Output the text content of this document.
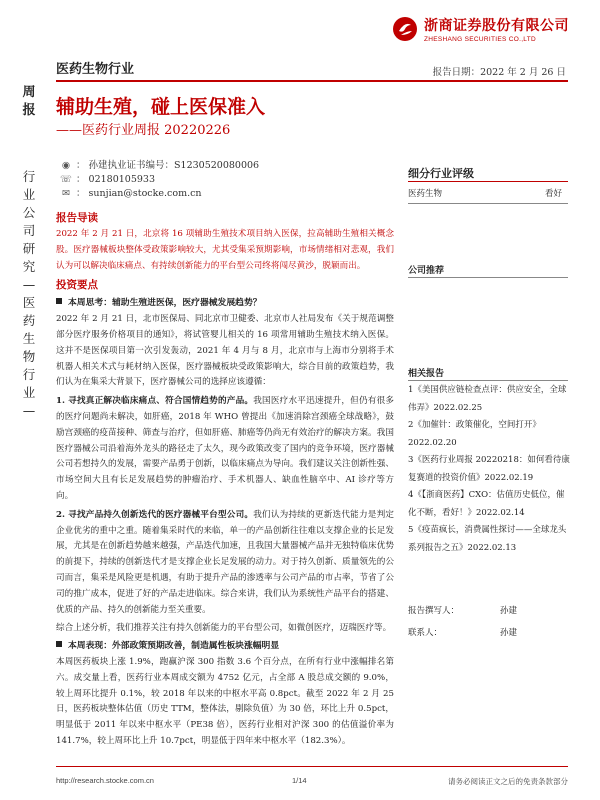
浙商证券股份有限公司
ZHESHANG SECURITIES CO.,LTD
医药生物行业	报告日期：2022 年 2 月 26 日
周报
行业公司研究—医药生物行业—
辅助生殖，碰上医保准入
——医药行业周报 20220226
◉ ： 孙建执业证书编号：S1230520080006
☏ ： 02180105933
✉ ： sunjian@stocke.com.cn
细分行业评级
医药生物	看好
公司推荐
相关报告

1《美国供应链检查点评：供应安全，全球伟弄》2022.02.25

2《加催针：政策催化，空间打开》2022.02.20

3《医药行业周报 20220218：如何看待康复赛道的投资价值》2022.02.19

4《【浙商医药】CXO：估值历史低位，催化不断，看好！》2022.02.14

5《疫苗疯长，消费属性探讨——全球龙头系列报告之五》2022.02.13

报告撰写人：	孙建
联系人：	孙建

报告导读

2022 年 2 月 21 日，北京将 16 项辅助生殖技术项目纳入医保，拉高辅助生殖相关概念股。医疗器械板块整体受政策影响较大，尤其受集采预期影响，市场情绪相对悲观，我们认为可以解决临床痛点、有持续创新能力的平台型公司终将闯尽黄沙，脱颖而出。

投资要点

本周思考：辅助生殖进医保，医疗器械发展趋势？

2022 年 2 月 21 日，北市医保局、同北京市卫健委、北京市人社局发布《关于规范调整部分医疗服务价格项目的通知》，将试管婴儿相关的 16 项常用辅助生殖技术纳入医保。这并不是医保项目第一次引发轰动，2021 年 4 月与 8 月，北京市与上海市分别将手术机器人相关术式与耗材纳入医保，医疗器械板块受政策影响大，综合目前的政策趋势，我们认为在集采大背景下，医疗器械公司的选择应该遵循：

1. 寻找真正解决临床痛点、符合国情趋势的产品。我国医疗水平迅速提升，但仍有很多的医疗问题尚未解决，如肝癌，2018 年 WHO 曾提出《加速消除宫颈癌全球战略》，鼓励宫颈癌的疫苗接种、筛查与治疗，但如肝癌、肺癌等仍尚无有效治疗的解决方案。我国医疗器械公司沿着海外龙头的路径走了太久，现今政策改变了国内的竞争环境，医疗器械公司若想持久的发展，需要产品勇于创新，以临床痛点为导向。我们建议关注创新性强、市场空间大且有长足发展趋势的肿瘤治疗、手术机器人、缺血性脑卒中、AI 诊疗等方向。

2. 寻找产品持久创新迭代的医疗器械平台型公司。我们认为持续的更新迭代能力是判定企业优劣的重中之重。随着集采时代的来临，单一的产品创新往往难以支撑企业的长足发展，尤其是在创新趋势越来越强，产品迭代加速，且我国大量器械产品并无独特临床优势的前提下，持续的创新迭代才是支撑企业长足发展的动力。对于持久创新、质量领先的公司而言，集采是风险更是机遇，有助于提升产品的渗透率与公司产品的市占率，节省了公司的推广成本，促进了好的产品走进临床。综合来讲，我们认为系统性产品平台的搭建、优质的产品、持久的创新能力至关重要。

综合上述分析，我们推荐关注有持久创新能力的平台型公司，如微创医疗，迈瑞医疗等。

本周表现：外部政策预期改善，制造属性板块涨幅明显

本周医药板块上涨 1.9%，跑赢沪深 300 指数 3.6 个百分点，在所有行业中涨幅排名第六。成交量上看，医药行业本周成交额为 4752 亿元，占全部 A 股总成交额的 9.0%，较上周环比提升 0.1%，较 2018 年以来的中枢水平高 0.8pct。截至 2022 年 2 月 25 日，医药板块整体估值（历史 TTM，整体法，剔除负值）为 30 倍，环比上升 0.5pct，明显低于 2011 年以来中枢水平（PE38 倍），医药行业相对沪深 300 的估值溢价率为 141.7%，较上周环比上升 10.7pct，明显低于四年来中枢水平（182.3%）。

http://research.stocke.com.cn	1/14	请务必阅读正文之后的免责条款部分
